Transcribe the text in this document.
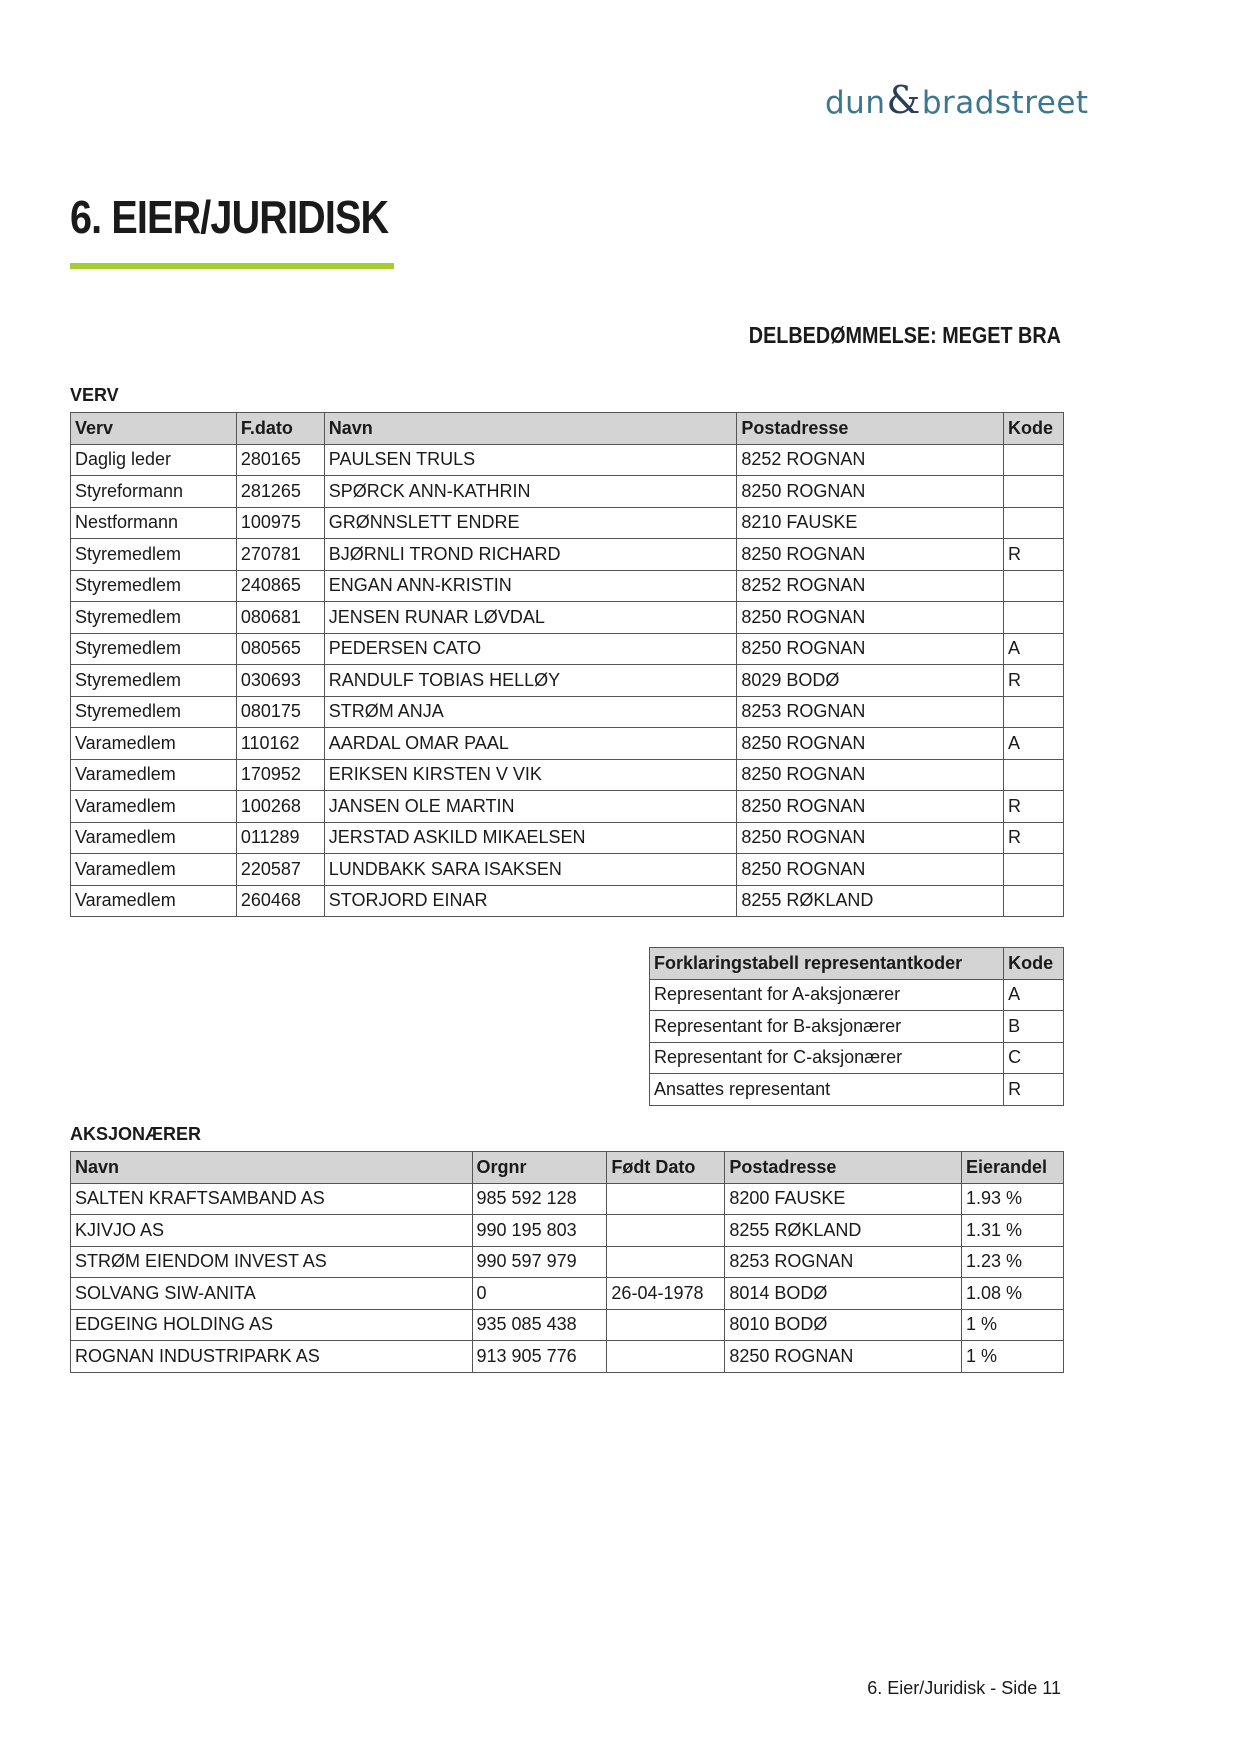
dun & bradstreet
6. EIER/JURIDISK
DELBEDØMMELSE: MEGET BRA
VERV
Verv	F.dato	Navn	Postadresse	Kode
Daglig leder	280165	PAULSEN TRULS	8252 ROGNAN	
Styreformann	281265	SPØRCK ANN-KATHRIN	8250 ROGNAN	
Nestformann	100975	GRØNNSLETT ENDRE	8210 FAUSKE	
Styremedlem	270781	BJØRNLI TROND RICHARD	8250 ROGNAN	R
Styremedlem	240865	ENGAN ANN-KRISTIN	8252 ROGNAN	
Styremedlem	080681	JENSEN RUNAR LØVDAL	8250 ROGNAN	
Styremedlem	080565	PEDERSEN CATO	8250 ROGNAN	A
Styremedlem	030693	RANDULF TOBIAS HELLØY	8029 BODØ	R
Styremedlem	080175	STRØM ANJA	8253 ROGNAN	
Varamedlem	110162	AARDAL OMAR PAAL	8250 ROGNAN	A
Varamedlem	170952	ERIKSEN KIRSTEN V VIK	8250 ROGNAN	
Varamedlem	100268	JANSEN OLE MARTIN	8250 ROGNAN	R
Varamedlem	011289	JERSTAD ASKILD MIKAELSEN	8250 ROGNAN	R
Varamedlem	220587	LUNDBAKK SARA ISAKSEN	8250 ROGNAN	
Varamedlem	260468	STORJORD EINAR	8255 RØKLAND	
Forklaringstabell representantkoder	Kode
Representant for A-aksjonærer	A
Representant for B-aksjonærer	B
Representant for C-aksjonærer	C
Ansattes representant	R
AKSJONÆRER
Navn	Orgnr	Født Dato	Postadresse	Eierandel
SALTEN KRAFTSAMBAND AS	985 592 128		8200 FAUSKE	1.93 %
KJIVJO AS	990 195 803		8255 RØKLAND	1.31 %
STRØM EIENDOM INVEST AS	990 597 979		8253 ROGNAN	1.23 %
SOLVANG SIW-ANITA	0	26-04-1978	8014 BODØ	1.08 %
EDGEING HOLDING AS	935 085 438		8010 BODØ	1 %
ROGNAN INDUSTRIPARK AS	913 905 776		8250 ROGNAN	1 %
6. Eier/Juridisk - Side 11
